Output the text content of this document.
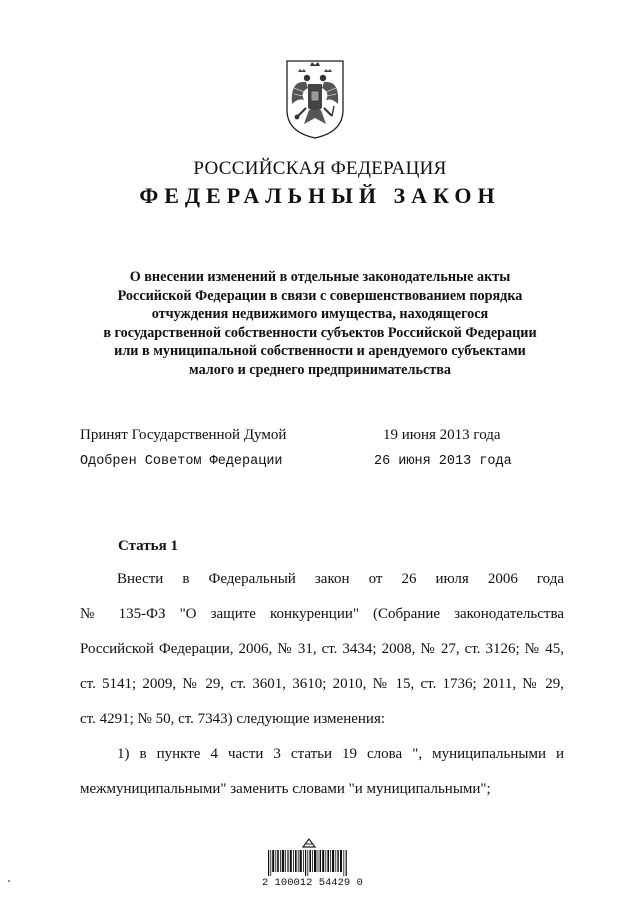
РОССИЙСКАЯ ФЕДЕРАЦИЯ
ФЕДЕРАЛЬНЫЙ ЗАКОН
О внесении изменений в отдельные законодательные акты
Российской Федерации в связи с совершенствованием порядка
отчуждения недвижимого имущества, находящегося
в государственной собственности субъектов Российской Федерации
или в муниципальной собственности и арендуемого субъектами
малого и среднего предпринимательства
Принят Государственной Думой	19 июня 2013 года
Одобрен Советом Федерации	26 июня 2013 года
Статья 1
Внести в Федеральный закон от 26 июля 2006 года
№ 135-ФЗ "О защите конкуренции" (Собрание законодательства
Российской Федерации, 2006, № 31, ст. 3434; 2008, № 27, ст. 3126; № 45,
ст. 5141; 2009, № 29, ст. 3601, 3610; 2010, № 15, ст. 1736; 2011, № 29,
ст. 4291; № 50, ст. 7343) следующие изменения:
1) в пункте 4 части 3 статьи 19 слова ", муниципальными и
межмуниципальными" заменить словами "и муниципальными";
2 100012 54429 0
